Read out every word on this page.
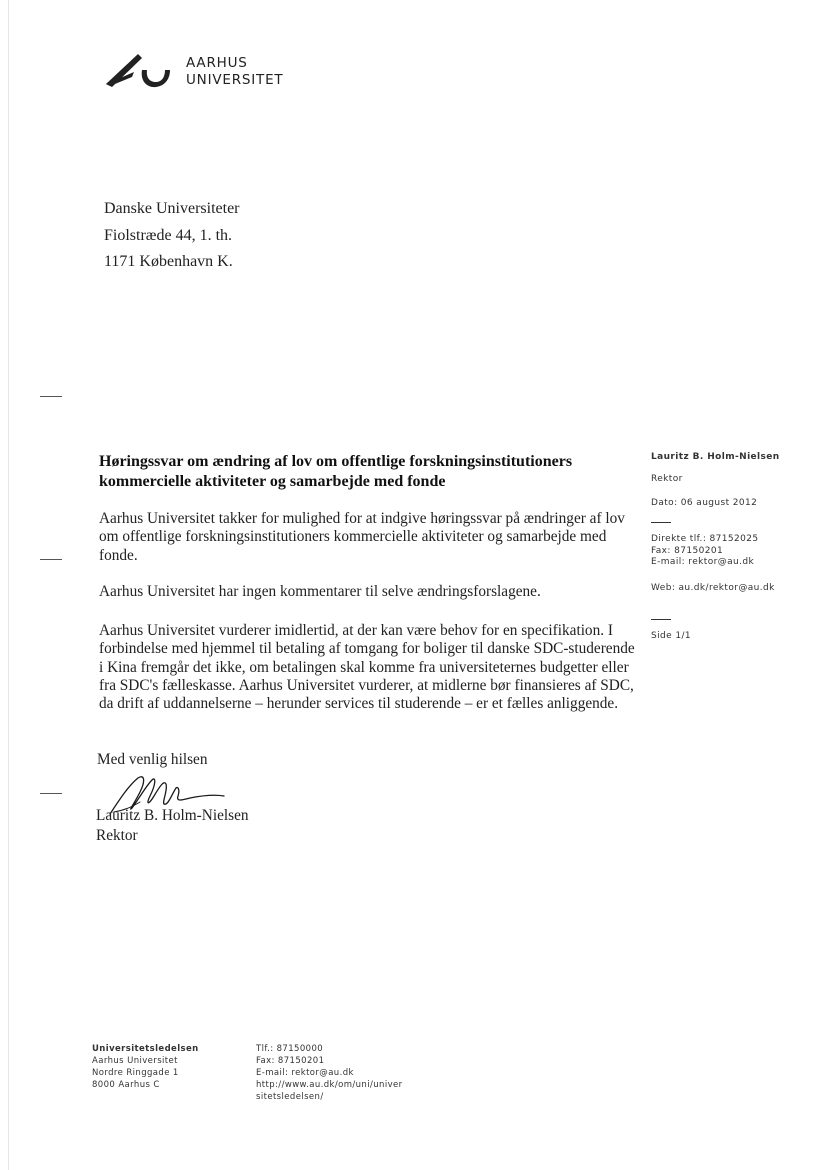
AARHUS
UNIVERSITET
Danske Universiteter
Fiolstræde 44, 1. th.
1171 København K.
Høringssvar om ændring af lov om offentlige forskningsinstitutioners kommercielle aktiviteter og samarbejde med fonde
Aarhus Universitet takker for mulighed for at indgive høringssvar på ændringer af lov om offentlige forskningsinstitutioners kommercielle aktiviteter og samarbejde med fonde.
Aarhus Universitet har ingen kommentarer til selve ændringsforslagene.
Aarhus Universitet vurderer imidlertid, at der kan være behov for en specifikation. I forbindelse med hjemmel til betaling af tomgang for boliger til danske SDC-studerende i Kina fremgår det ikke, om betalingen skal komme fra universiteternes budgetter eller fra SDC's fælleskasse. Aarhus Universitet vurderer, at midlerne bør finansieres af SDC, da drift af uddannelserne – herunder services til studerende – er et fælles anliggende.
Med venlig hilsen
Lauritz B. Holm-Nielsen
Rektor
Lauritz B. Holm-Nielsen
Rektor
Dato: 06 august 2012
Direkte tlf.: 87152025
Fax: 87150201
E-mail: rektor@au.dk
Web: au.dk/rektor@au.dk
Side 1/1
Universitetsledelsen
Aarhus Universitet
Nordre Ringgade 1
8000 Aarhus C
Tlf.: 87150000
Fax: 87150201
E-mail: rektor@au.dk
http://www.au.dk/om/uni/univer
sitetsledelsen/
